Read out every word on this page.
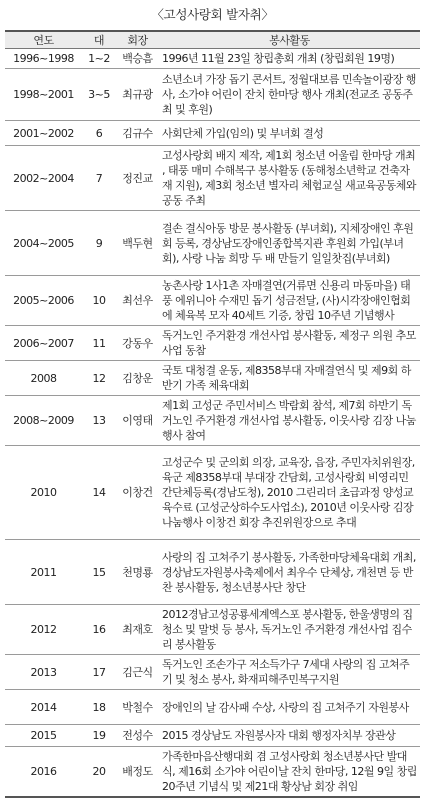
〈고성사랑회 발자취〉
연도	대	회장	봉사활동
1996~1998	1~2	백승흠	1996년 11월 23일 창립총회 개최 (창립회원 19명)
1998~2001	3~5	최규광	소년소녀 가장 돕기 콘서트, 정월대보름 민속놀이광장 행사, 소가야 어린이 잔치 한마당 행사 개최(전교조 공동주최 및 후원)
2001~2002	6	김규수	사회단체 가입(임의) 및 부녀회 결성
2002~2004	7	정진교	고성사랑회 배지 제작, 제1회 청소년 어울림 한마당 개최 , 태풍 매미 수해복구 봉사활동 (동해청소년학교 건축자재 지원), 제3회 청소년 별자리 체험교실 새교육공동체와 공동 주최
2004~2005	9	백두현	결손 결식아동 방문 봉사활동 (부녀회), 지체장애인 후원회 등록, 경상남도장애인종합복지관 후원회 가입(부녀회), 사랑 나눔 희망 두 배 만들기 일일찻집(부녀회)
2005~2006	10	최선우	농촌사랑 1사1촌 자매결연(거류면 신용리 마동마을) 태풍 에위니아 수재민 돕기 성금전달, (사)시각장애인협회에 체육복 모자 40세트 기증, 창립 10주년 기념행사
2006~2007	11	강동우	독거노인 주거환경 개선사업 봉사활동, 제정구 의원 추모사업 동참
2008	12	김창운	국토 대청결 운동, 제8358부대 자매결연식 및 제9회 하반기 가족 체육대회
2008~2009	13	이영태	제1회 고성군 주민서비스 박람회 참석, 제7회 하반기 독거노인 주거환경 개선사업 봉사활동, 이웃사랑 김장 나눔 행사 참여
2010	14	이창건	고성군수 및 군의회 의장, 교육장, 읍장, 주민자치위원장, 육군 제8358부대 부대장 간담회, 고성사랑회 비영리민간단체등록(경남도청), 2010 그린리더 초급과정 양성교육수료 (고성군상하수도사업소), 2010년 이웃사랑 김장나눔행사 이창건 회장 추진위원장으로 추대
2011	15	천명룡	사랑의 집 고쳐주기 봉사활동, 가족한마당체육대회 개최, 경상남도자원봉사축제에서 최우수 단체상, 개천면 등 반찬 봉사활동, 청소년봉사단 창단
2012	16	최재호	2012경남고성공룡세계엑스포 봉사활동, 한울생명의 집 청소 및 말벗 등 봉사, 독거노인 주거환경 개선사업 집수리 봉사활동
2013	17	김근식	독거노인 조손가구 저소득가구 7세대 사랑의 집 고쳐주기 및 청소 봉사, 화재피해주민복구지원
2014	18	박철수	장애인의 날 감사패 수상, 사랑의 집 고쳐주기 자원봉사
2015	19	전성수	2015 경상남도 자원봉사자 대회 행정자치부 장관상
2016	20	배정도	가족한마음산행대회 겸 고성사랑회 청소년봉사단 발대식, 제16회 소가야 어린이날 잔치 한마당, 12월 9일 창립20주년 기념식 및 제21대 황상남 회장 취임
